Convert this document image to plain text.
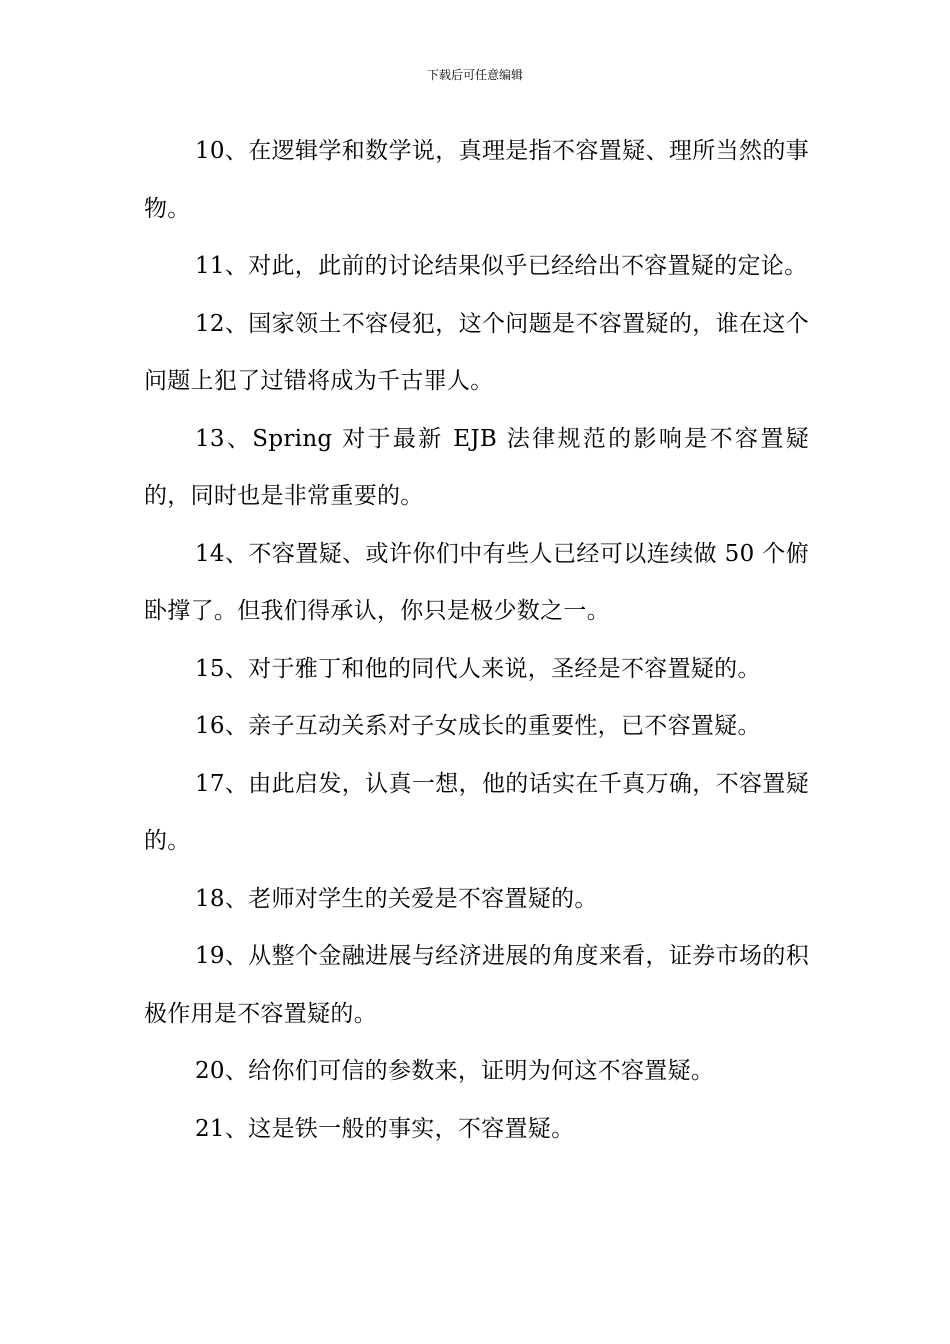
下载后可任意编辑

10、在逻辑学和数学说，真理是指不容置疑、理所当然的事物。

11、对此，此前的讨论结果似乎已经给出不容置疑的定论。

12、国家领土不容侵犯，这个问题是不容置疑的，谁在这个问题上犯了过错将成为千古罪人。

13、Spring 对于最新 EJB 法律规范的影响是不容置疑的，同时也是非常重要的。

14、不容置疑、或许你们中有些人已经可以连续做 50 个俯卧撑了。但我们得承认，你只是极少数之一。

15、对于雅丁和他的同代人来说，圣经是不容置疑的。

16、亲子互动关系对子女成长的重要性，已不容置疑。

17、由此启发，认真一想，他的话实在千真万确，不容置疑的。

18、老师对学生的关爱是不容置疑的。

19、从整个金融进展与经济进展的角度来看，证券市场的积极作用是不容置疑的。

20、给你们可信的参数来，证明为何这不容置疑。

21、这是铁一般的事实，不容置疑。
